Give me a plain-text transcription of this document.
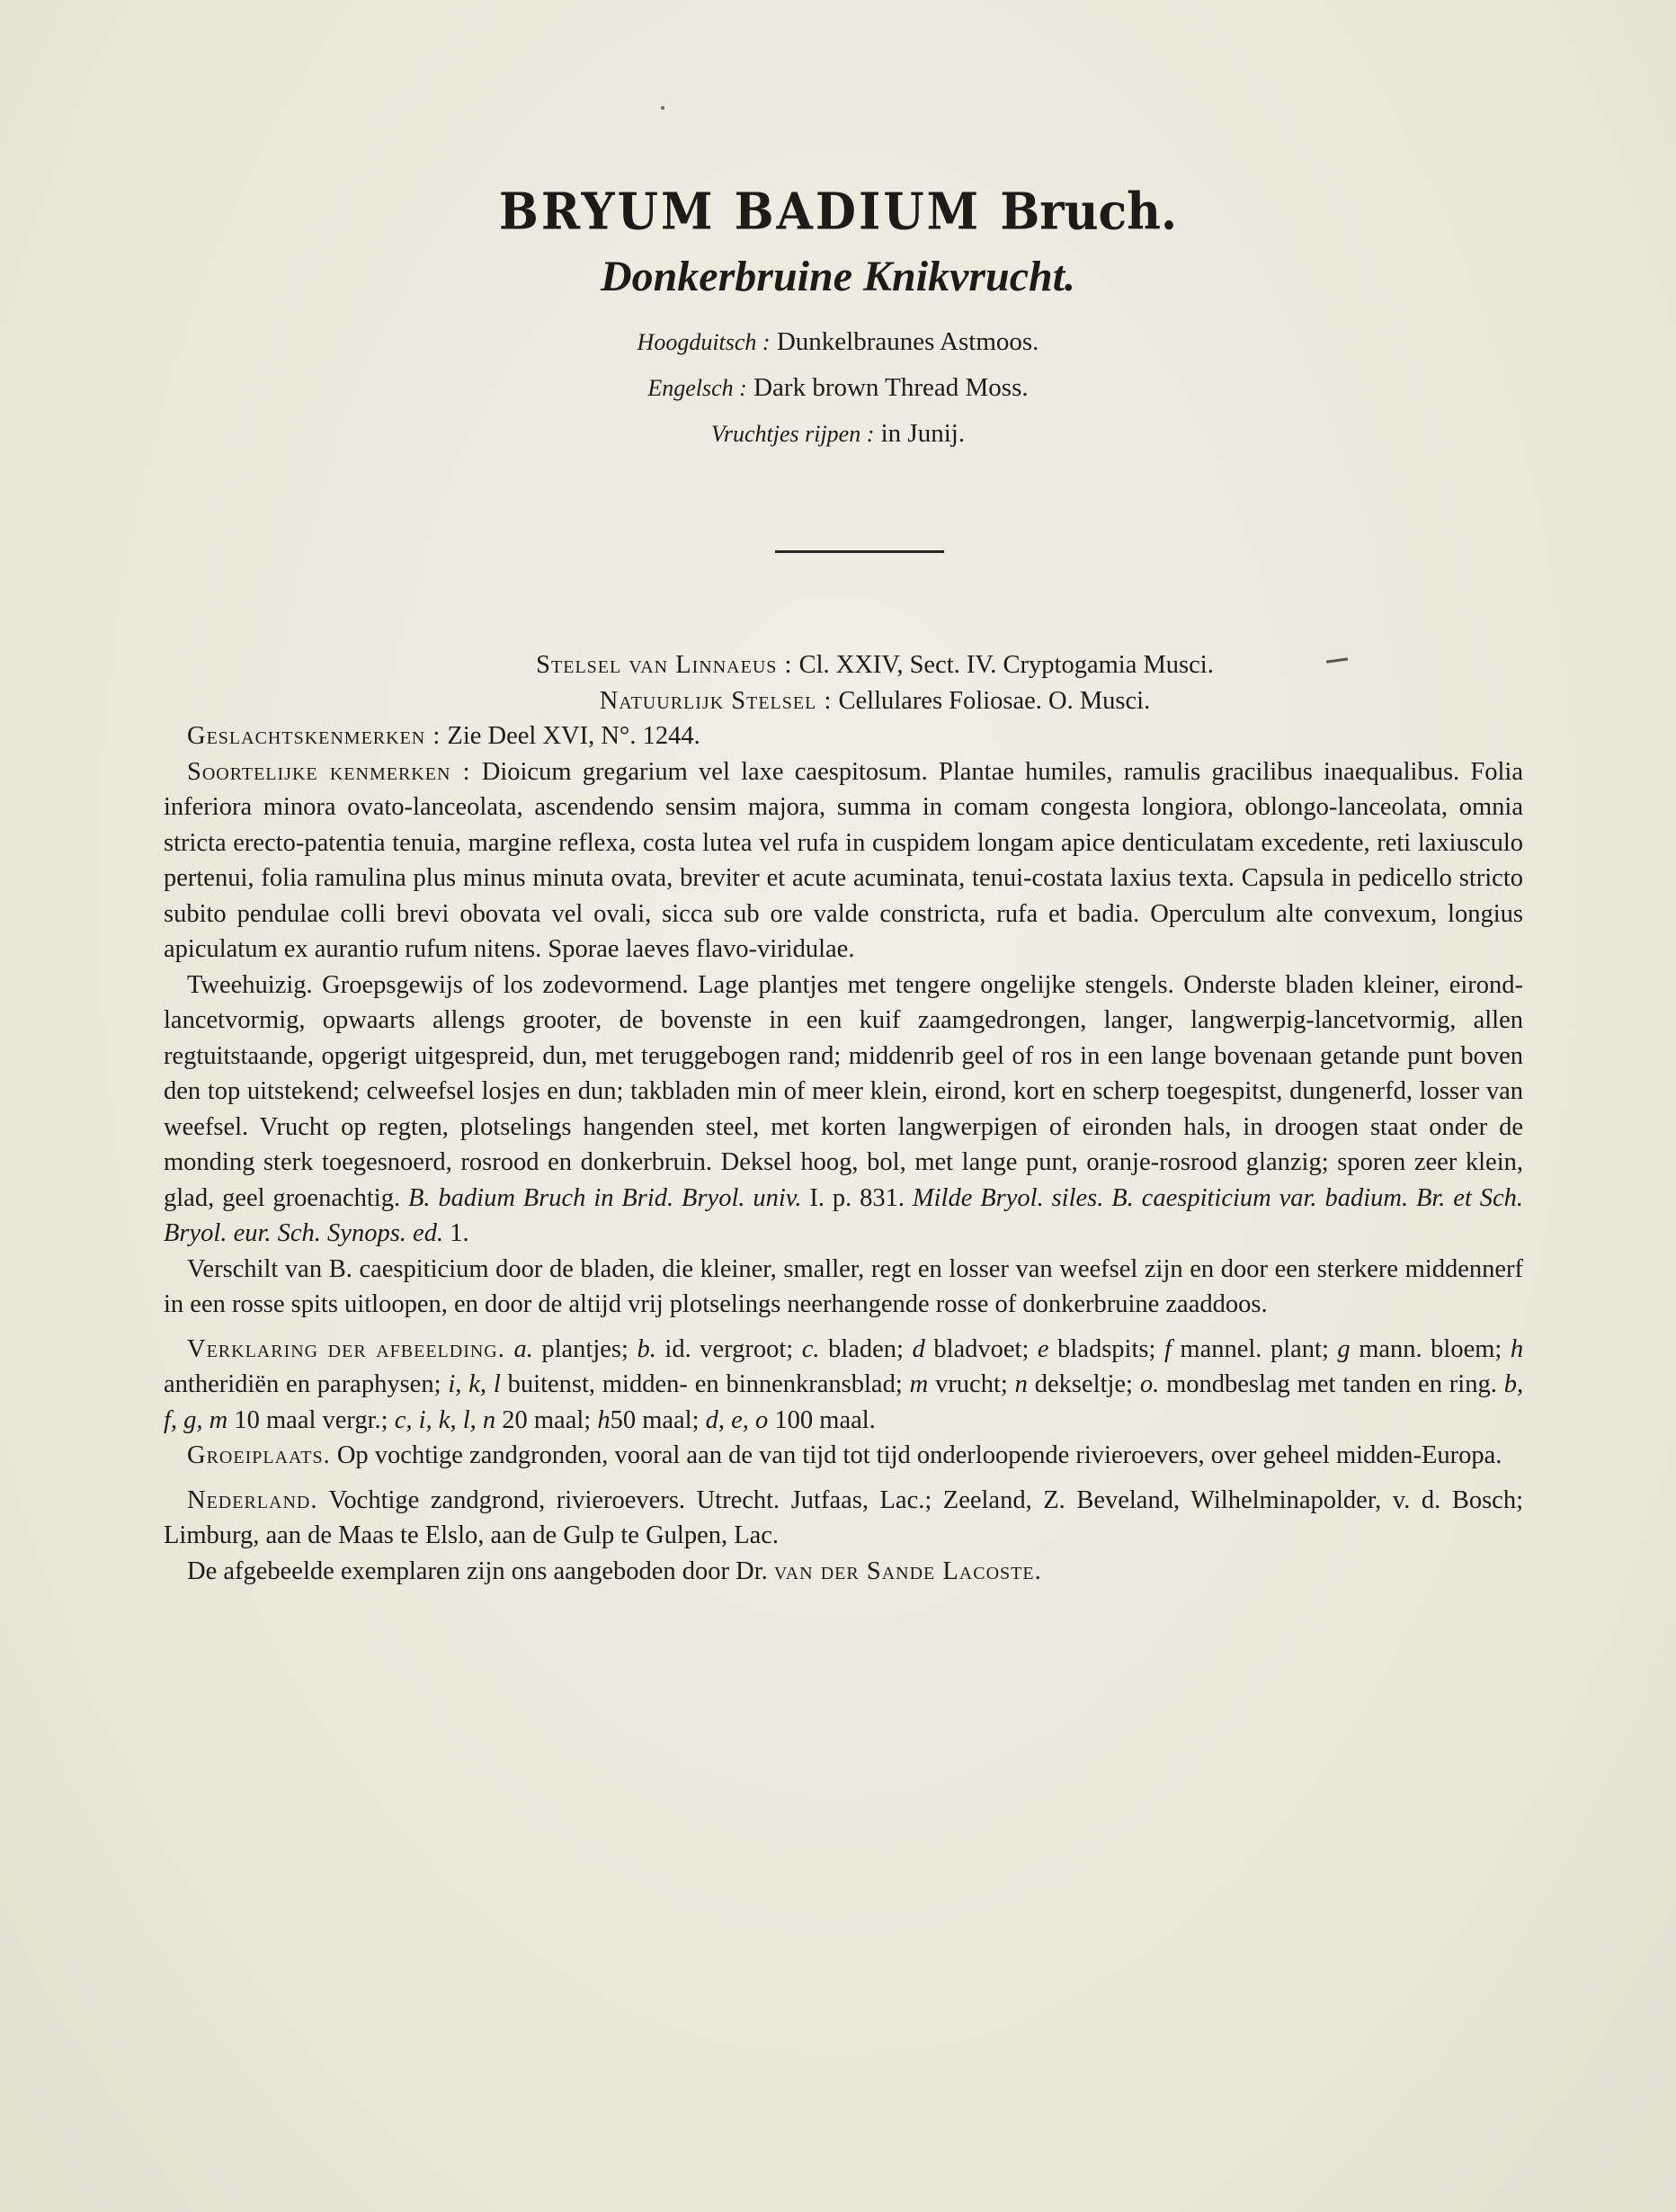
BRYUM BADIUM Bruch.
Donkerbruine Knikvrucht.
Hoogduitsch : Dunkelbraunes Astmoos.
Engelsch : Dark brown Thread Moss.
Vruchtjes rijpen : in Junij.

Stelsel van Linnaeus : Cl. XXIV, Sect. IV. Cryptogamia Musci.

Natuurlijk Stelsel : Cellulares Foliosae. O. Musci.

Geslachtskenmerken : Zie Deel XVI, N°. 1244.

Soortelijke kenmerken : Dioicum gregarium vel laxe caespitosum. Plantae humiles, ramulis gracilibus inaequalibus. Folia inferiora minora ovato-lanceolata, ascendendo sensim majora, summa in comam congesta longiora, oblongo-lanceolata, omnia stricta erecto-patentia tenuia, margine reflexa, costa lutea vel rufa in cuspidem longam apice denticulatam excedente, reti laxiusculo pertenui, folia ramulina plus minus minuta ovata, breviter et acute acuminata, tenui-costata laxius texta. Capsula in pedicello stricto subito pendulae colli brevi obovata vel ovali, sicca sub ore valde constricta, rufa et badia. Operculum alte convexum, longius apiculatum ex aurantio rufum nitens. Sporae laeves flavo-viridulae.

Tweehuizig. Groepsgewijs of los zodevormend. Lage plantjes met tengere ongelijke stengels. Onderste bladen kleiner, eirond-lancetvormig, opwaarts allengs grooter, de bovenste in een kuif zaamgedrongen, langer, langwerpig-lancetvormig, allen regtuitstaande, opgerigt uitgespreid, dun, met teruggebogen rand; middenrib geel of ros in een lange bovenaan getande punt boven den top uitstekend; celweefsel losjes en dun; takbladen min of meer klein, eirond, kort en scherp toegespitst, dungenerfd, losser van weefsel. Vrucht op regten, plotselings hangenden steel, met korten langwerpigen of eironden hals, in droogen staat onder de monding sterk toegesnoerd, rosrood en donkerbruin. Deksel hoog, bol, met lange punt, oranje-rosrood glanzig; sporen zeer klein, glad, geel groenachtig. B. badium Bruch in Brid. Bryol. univ. I. p. 831. Milde Bryol. siles. B. caespiticium var. badium. Br. et Sch. Bryol. eur. Sch. Synops. ed. 1.

Verschilt van B. caespiticium door de bladen, die kleiner, smaller, regt en losser van weefsel zijn en door een sterkere middennerf in een rosse spits uitloopen, en door de altijd vrij plotselings neerhangende rosse of donkerbruine zaaddoos.

Verklaring der afbeelding. a. plantjes; b. id. vergroot; c. bladen; d bladvoet; e bladspits; f mannel. plant; g mann. bloem; h antheridiën en paraphysen; i, k, l buitenst, midden- en binnenkransblad; m vrucht; n dekseltje; o. mondbeslag met tanden en ring. b, f, g, m 10 maal vergr.; c, i, k, l, n 20 maal; h50 maal; d, e, o 100 maal.

Groeiplaats. Op vochtige zandgronden, vooral aan de van tijd tot tijd onderloopende rivieroevers, over geheel midden-Europa.

Nederland. Vochtige zandgrond, rivieroevers. Utrecht. Jutfaas, Lac.; Zeeland, Z. Beveland, Wilhelminapolder, v. d. Bosch; Limburg, aan de Maas te Elslo, aan de Gulp te Gulpen, Lac.

De afgebeelde exemplaren zijn ons aangeboden door Dr. van der Sande Lacoste.
